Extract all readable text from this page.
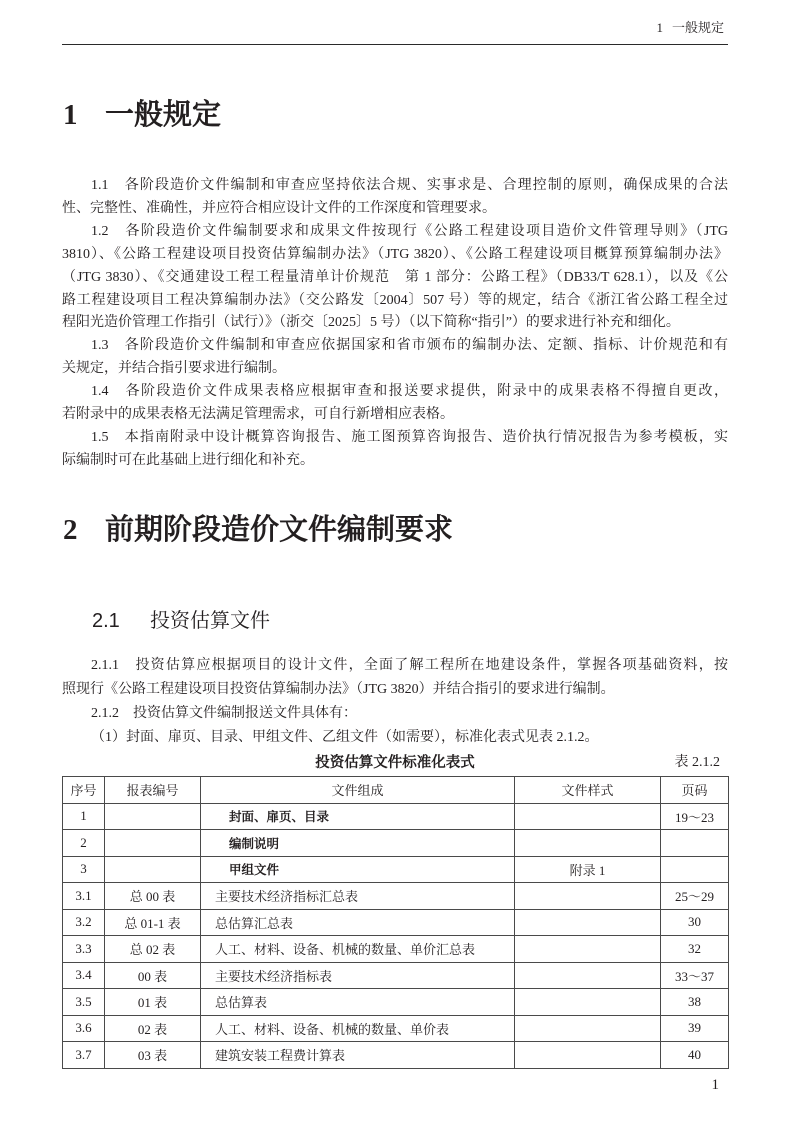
1 一般规定
1 一般规定
1.1　各阶段造价文件编制和审查应坚持依法合规、实事求是、合理控制的原则，确保成果的合法
性、完整性、准确性，并应符合相应设计文件的工作深度和管理要求。
1.2　各阶段造价文件编制要求和成果文件按现行《公路工程建设项目造价文件管理导则》（JTG
3810）、《公路工程建设项目投资估算编制办法》（JTG 3820）、《公路工程建设项目概算预算编制办法》
（JTG 3830）、《交通建设工程工程量清单计价规范　第 1 部分：公路工程》（DB33/T 628.1），以及《公
路工程建设项目工程决算编制办法》（交公路发〔2004〕507 号）等的规定，结合《浙江省公路工程全过
程阳光造价管理工作指引（试行）》（浙交〔2025〕5 号）（以下简称“指引”）的要求进行补充和细化。
1.3　各阶段造价文件编制和审查应依据国家和省市颁布的编制办法、定额、指标、计价规范和有
关规定，并结合指引要求进行编制。
1.4　各阶段造价文件成果表格应根据审查和报送要求提供，附录中的成果表格不得擅自更改，
若附录中的成果表格无法满足管理需求，可自行新增相应表格。
1.5　本指南附录中设计概算咨询报告、施工图预算咨询报告、造价执行情况报告为参考模板，实
际编制时可在此基础上进行细化和补充。
2 前期阶段造价文件编制要求
2.1 投资估算文件
2.1.1　投资估算应根据项目的设计文件，全面了解工程所在地建设条件，掌握各项基础资料，按
照现行《公路工程建设项目投资估算编制办法》（JTG 3820）并结合指引的要求进行编制。
2.1.2　投资估算文件编制报送文件具体有：
（1）封面、扉页、目录、甲组文件、乙组文件（如需要），标准化表式见表 2.1.2。
投资估算文件标准化表式	表 2.1.2
序号	报表编号	文件组成	文件样式	页码
1		封面、扉页、目录		19～23
2		编制说明		
3		甲组文件	附录 1	
3.1	总 00 表	主要技术经济指标汇总表		25～29
3.2	总 01-1 表	总估算汇总表		30
3.3	总 02 表	人工、材料、设备、机械的数量、单价汇总表		32
3.4	00 表	主要技术经济指标表		33～37
3.5	01 表	总估算表		38
3.6	02 表	人工、材料、设备、机械的数量、单价表		39
3.7	03 表	建筑安装工程费计算表		40
1
